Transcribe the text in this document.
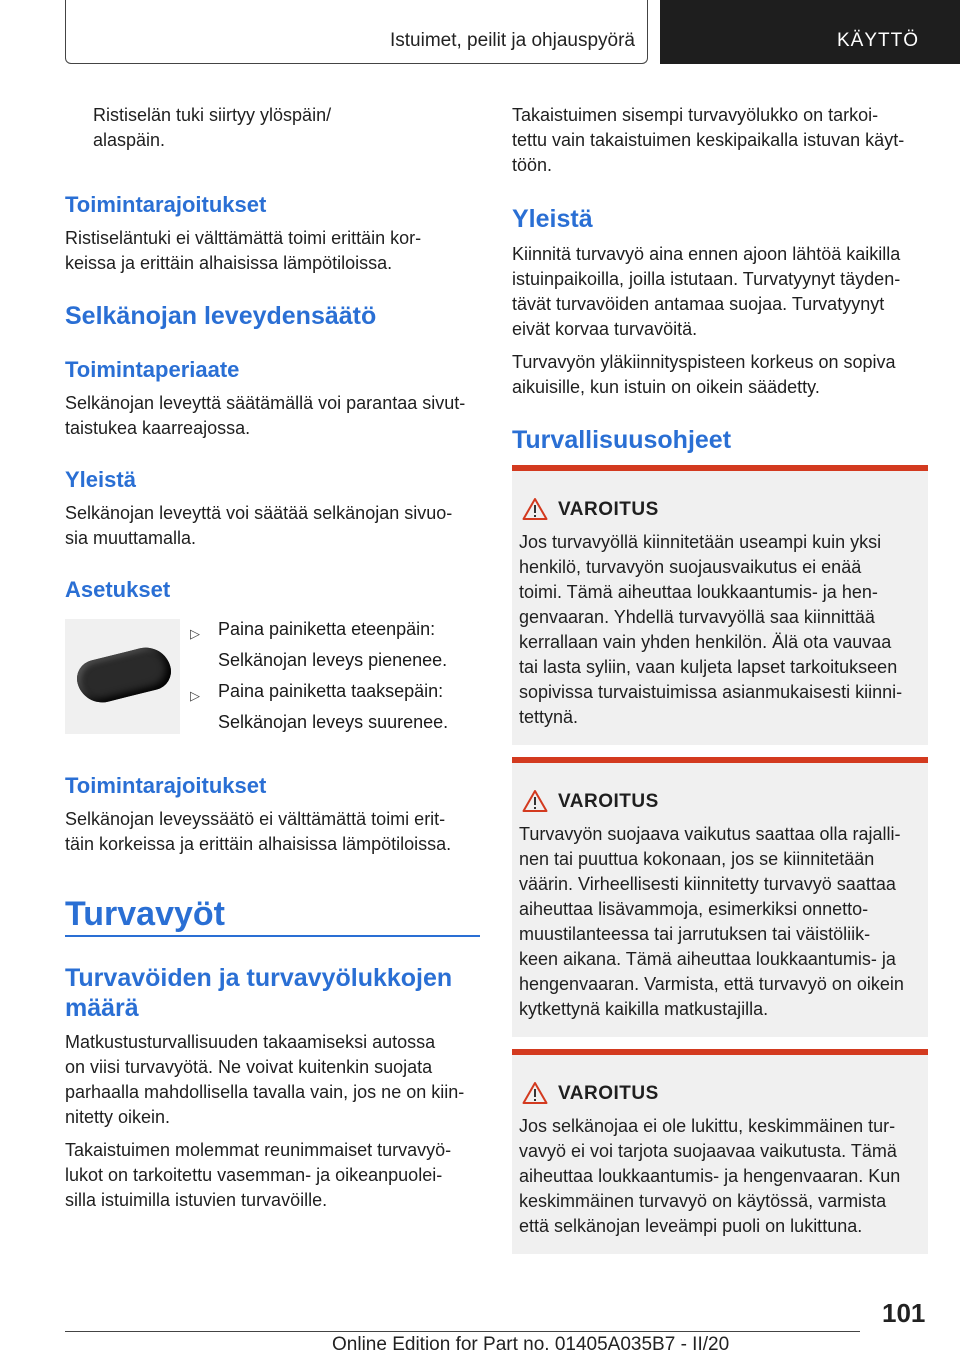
Istuimet, peilit ja ohjauspyörä	KÄYTTÖ

Ristiselän tuki siirtyy ylöspäin/

alaspäin.

Toimintarajoitukset

Ristiseläntuki ei välttämättä toimi erittäin kor-

keissa ja erittäin alhaisissa lämpötiloissa.

Selkänojan leveydensäätö
Toimintaperiaate

Selkänojan leveyttä säätämällä voi parantaa sivut-

taistukea kaarreajossa.

Yleistä

Selkänojan leveyttä voi säätää selkänojan sivuo-

sia muuttamalla.

Asetukset
▷ Paina painiketta eteenpäin:
Selkänojan leveys pienenee.
▷ Paina painiketta taaksepäin:
Selkänojan leveys suurenee.
Toimintarajoitukset

Selkänojan leveyssäätö ei välttämättä toimi erit-

täin korkeissa ja erittäin alhaisissa lämpötiloissa.

Turvavyöt
Turvavöiden ja turvavyölukkojen
määrä

Matkustusturvallisuuden takaamiseksi autossa

on viisi turvavyötä. Ne voivat kuitenkin suojata

parhaalla mahdollisella tavalla vain, jos ne on kiin-

nitetty oikein.

Takaistuimen molemmat reunimmaiset turvavyö-

lukot on tarkoitettu vasemman- ja oikeanpuolei-

silla istuimilla istuvien turvavöille.

Takaistuimen sisempi turvavyölukko on tarkoi-

tettu vain takaistuimen keskipaikalla istuvan käyt-

töön.

Yleistä

Kiinnitä turvavyö aina ennen ajoon lähtöä kaikilla

istuinpaikoilla, joilla istutaan. Turvatyynyt täyden-

tävät turvavöiden antamaa suojaa. Turvatyynyt

eivät korvaa turvavöitä.

Turvavyön yläkiinnityspisteen korkeus on sopiva

aikuisille, kun istuin on oikein säädetty.

Turvallisuusohjeet
VAROITUS

Jos turvavyöllä kiinnitetään useampi kuin yksi

henkilö, turvavyön suojausvaikutus ei enää

toimi. Tämä aiheuttaa loukkaantumis- ja hen-

genvaaran. Yhdellä turvavyöllä saa kiinnittää

kerrallaan vain yhden henkilön. Älä ota vauvaa

tai lasta syliin, vaan kuljeta lapset tarkoitukseen

sopivissa turvaistuimissa asianmukaisesti kiinni-

tettynä.

VAROITUS

Turvavyön suojaava vaikutus saattaa olla rajalli-

nen tai puuttua kokonaan, jos se kiinnitetään

väärin. Virheellisesti kiinnitetty turvavyö saattaa

aiheuttaa lisävammoja, esimerkiksi onnetto-

muustilanteessa tai jarrutuksen tai väistöliik-

keen aikana. Tämä aiheuttaa loukkaantumis- ja

hengenvaaran. Varmista, että turvavyö on oikein

kytkettynä kaikilla matkustajilla.

VAROITUS

Jos selkänojaa ei ole lukittu, keskimmäinen tur-

vavyö ei voi tarjota suojaavaa vaikutusta. Tämä

aiheuttaa loukkaantumis- ja hengenvaaran. Kun

keskimmäinen turvavyö on käytössä, varmista

että selkänojan leveämpi puoli on lukittuna.

101
Online Edition for Part no. 01405A035B7 - II/20
